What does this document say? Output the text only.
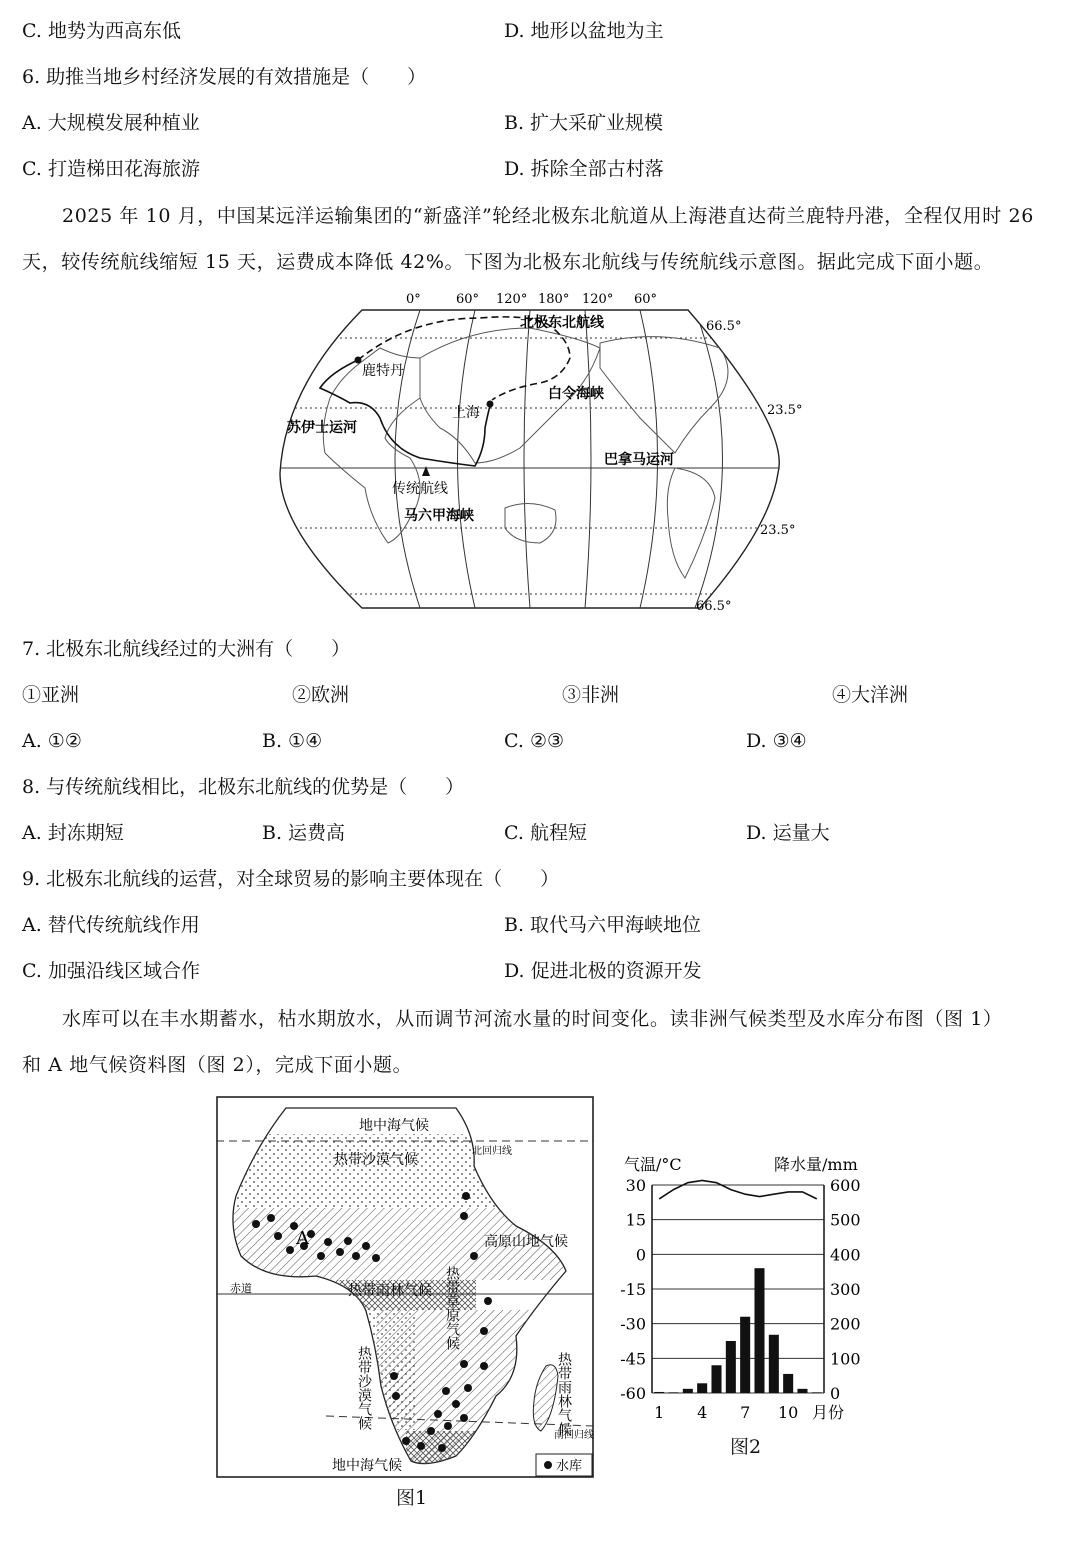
C. 地势为西高东低	D. 地形以盆地为主
6. 助推当地乡村经济发展的有效措施是（　　）
A. 大规模发展种植业	B. 扩大采矿业规模
C. 打造梯田花海旅游	D. 拆除全部古村落
2025 年 10 月，中国某远洋运输集团的“新盛洋”轮经北极东北航道从上海港直达荷兰鹿特丹港，全程仅用时 26
天，较传统航线缩短 15 天，运费成本降低 42%。下图为北极东北航线与传统航线示意图。据此完成下面小题。
0°	60° 120° 180° 120° 60°
66.5°
23.5°
23.5°
66.5°
北极东北航线
鹿特丹
白令海峡
上海
苏伊士运河
巴拿马运河
传统航线
马六甲海峡
7. 北极东北航线经过的大洲有（　　）
①亚洲	②欧洲	③非洲	④大洋洲
A. ①②	B. ①④	C. ②③	D. ③④
8. 与传统航线相比，北极东北航线的优势是（　　）
A. 封冻期短	B. 运费高	C. 航程短	D. 运量大
9. 北极东北航线的运营，对全球贸易的影响主要体现在（　　）
A. 替代传统航线作用	B. 取代马六甲海峡地位
C. 加强沿线区域合作	D. 促进北极的资源开发
水库可以在丰水期蓄水，枯水期放水，从而调节河流水量的时间变化。读非洲气候类型及水库分布图（图 1）
和 A 地气候资料图（图 2），完成下面小题。
地中海气候
热带沙漠气候
北回归线
A	高原山地气候
热带草原气候
赤道	热带雨林气候
热带沙漠气候	热带雨林气候
南回归线
地中海气候	水库
图1
气温/°C	降水量/mm
月份
30
15
0
-15
-30
-45
-60
600
500
400
300
200
100
0
1 4 7 10
图2
